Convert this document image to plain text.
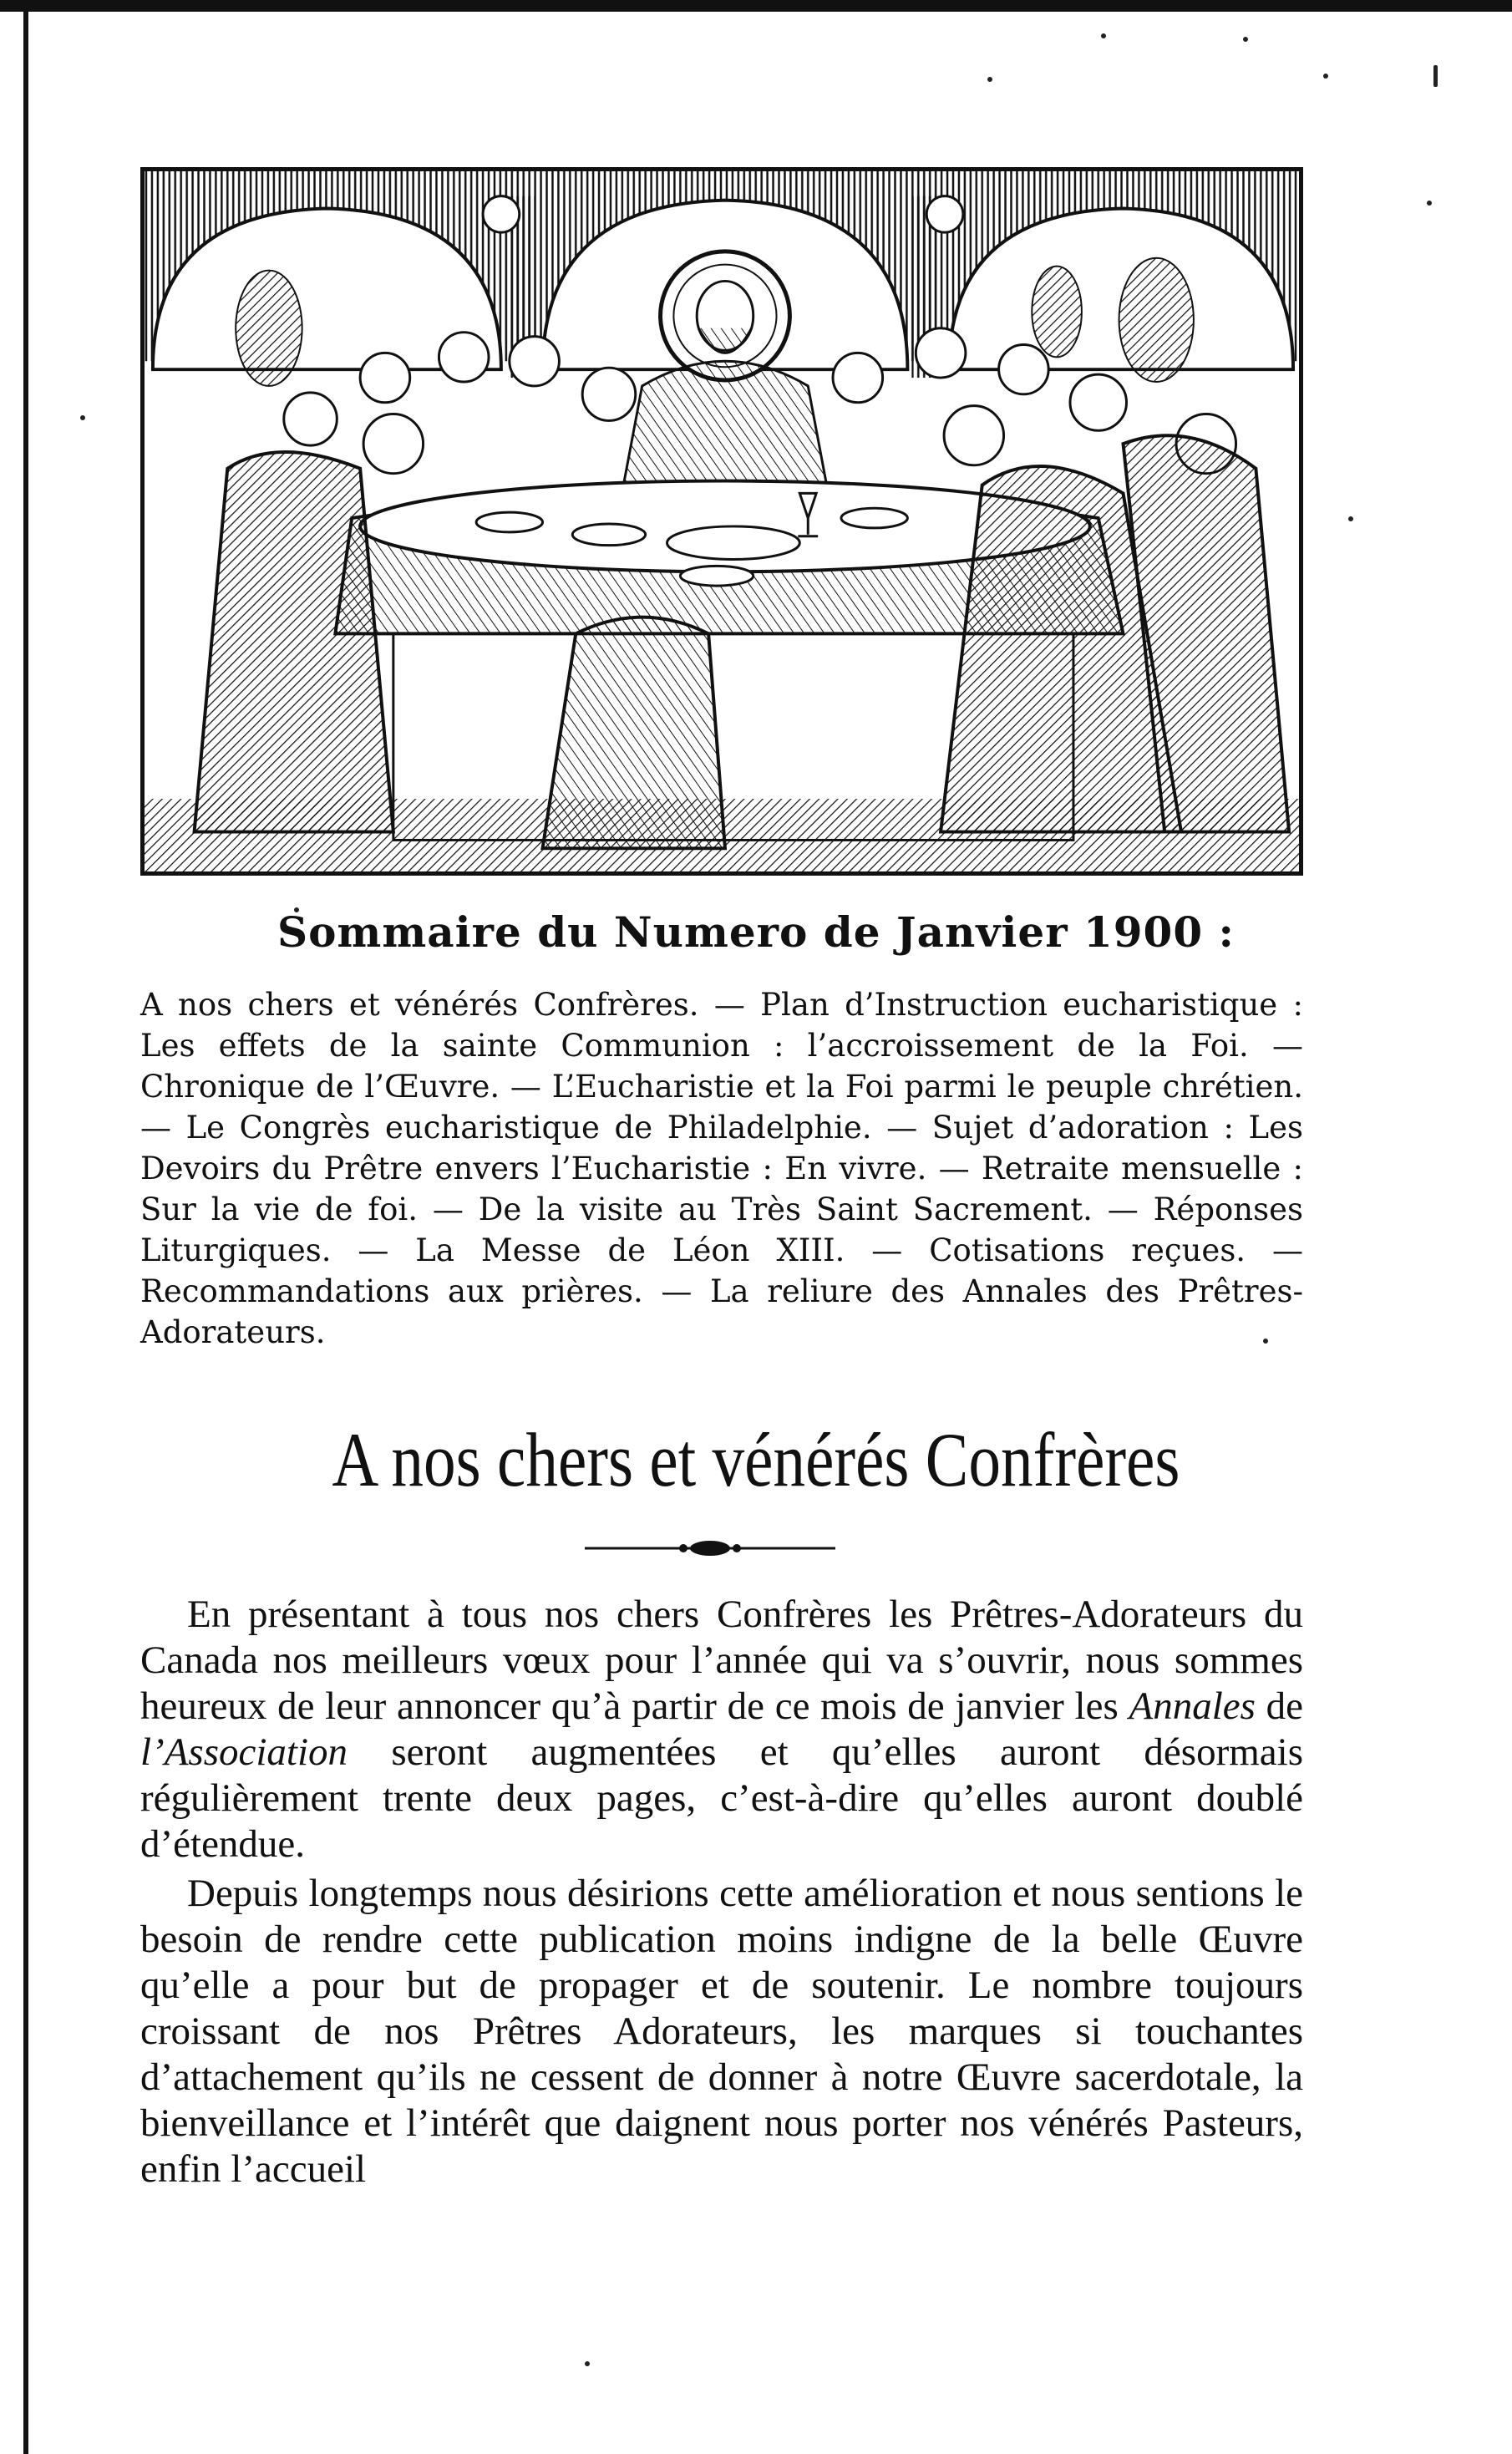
Sommaire du Numero de Janvier 1900 :
A nos chers et vénérés Confrères. — Plan d’Instruction eucharistique : Les effets de la sainte Communion : l’accroissement de la Foi. — Chronique de l’Œuvre. — L’Eucharistie et la Foi parmi le peuple chrétien. — Le Congrès eucharistique de Philadelphie. — Sujet d’adoration : Les Devoirs du Prêtre envers l’Eucharistie : En vivre. — Retraite mensuelle : Sur la vie de foi. — De la visite au Très Saint Sacrement. — Réponses Liturgiques. — La Messe de Léon XIII. — Cotisations reçues. — Recommandations aux prières. — La reliure des Annales des Prêtres-Adorateurs.
A nos chers et vénérés Confrères

En présentant à tous nos chers Confrères les Prêtres-Adorateurs du Canada nos meilleurs vœux pour l’année qui va s’ouvrir, nous sommes heureux de leur annoncer qu’à partir de ce mois de janvier les Annales de l’Association seront augmentées et qu’elles auront désormais régulièrement trente deux pages, c’est-à-dire qu’elles auront doublé d’étendue.

Depuis longtemps nous désirions cette amélioration et nous sentions le besoin de rendre cette publication moins indigne de la belle Œuvre qu’elle a pour but de propager et de soutenir. Le nombre toujours croissant de nos Prêtres Adorateurs, les marques si touchantes d’attachement qu’ils ne cessent de donner à notre Œuvre sacerdotale, la bienveillance et l’intérêt que daignent nous porter nos vénérés Pasteurs, enfin l’accueil
